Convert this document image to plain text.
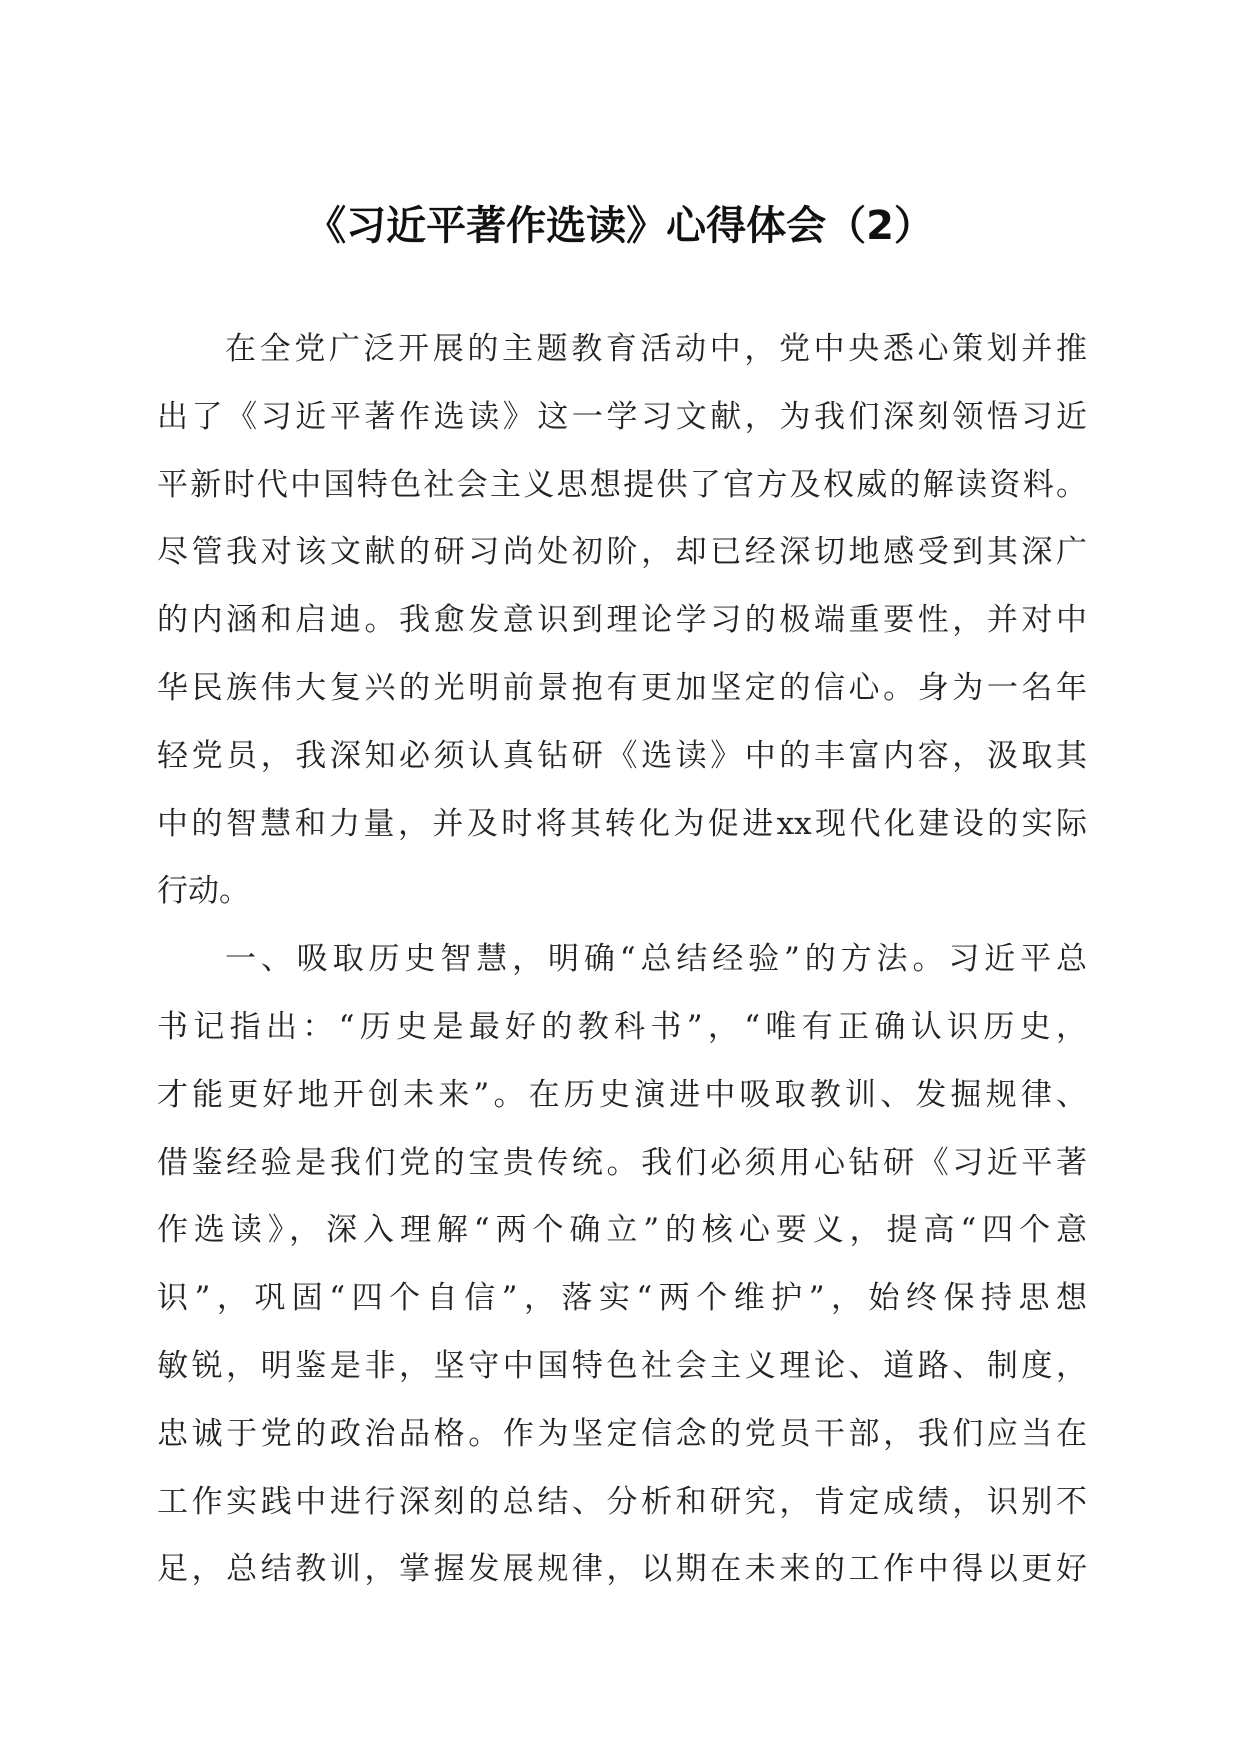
《习近平著作选读》心得体会（2）
在全党广泛开展的主题教育活动中，党中央悉心策划并推
出了《习近平著作选读》这一学习文献，为我们深刻领悟习近
平新时代中国特色社会主义思想提供了官方及权威的解读资料。
尽管我对该文献的研习尚处初阶，却已经深切地感受到其深广
的内涵和启迪。我愈发意识到理论学习的极端重要性，并对中
华民族伟大复兴的光明前景抱有更加坚定的信心。身为一名年
轻党员，我深知必须认真钻研《选读》中的丰富内容，汲取其
中的智慧和力量，并及时将其转化为促进xx现代化建设的实际
行动。
一、吸取历史智慧，明确“总结经验”的方法。习近平总
书记指出：“历史是最好的教科书”，“唯有正确认识历史，
才能更好地开创未来”。在历史演进中吸取教训、发掘规律、
借鉴经验是我们党的宝贵传统。我们必须用心钻研《习近平著
作选读》，深入理解“两个确立”的核心要义，提高“四个意
识”，巩固“四个自信”，落实“两个维护”，始终保持思想
敏锐，明鉴是非，坚守中国特色社会主义理论、道路、制度，
忠诚于党的政治品格。作为坚定信念的党员干部，我们应当在
工作实践中进行深刻的总结、分析和研究，肯定成绩，识别不
足，总结教训，掌握发展规律，以期在未来的工作中得以更好
